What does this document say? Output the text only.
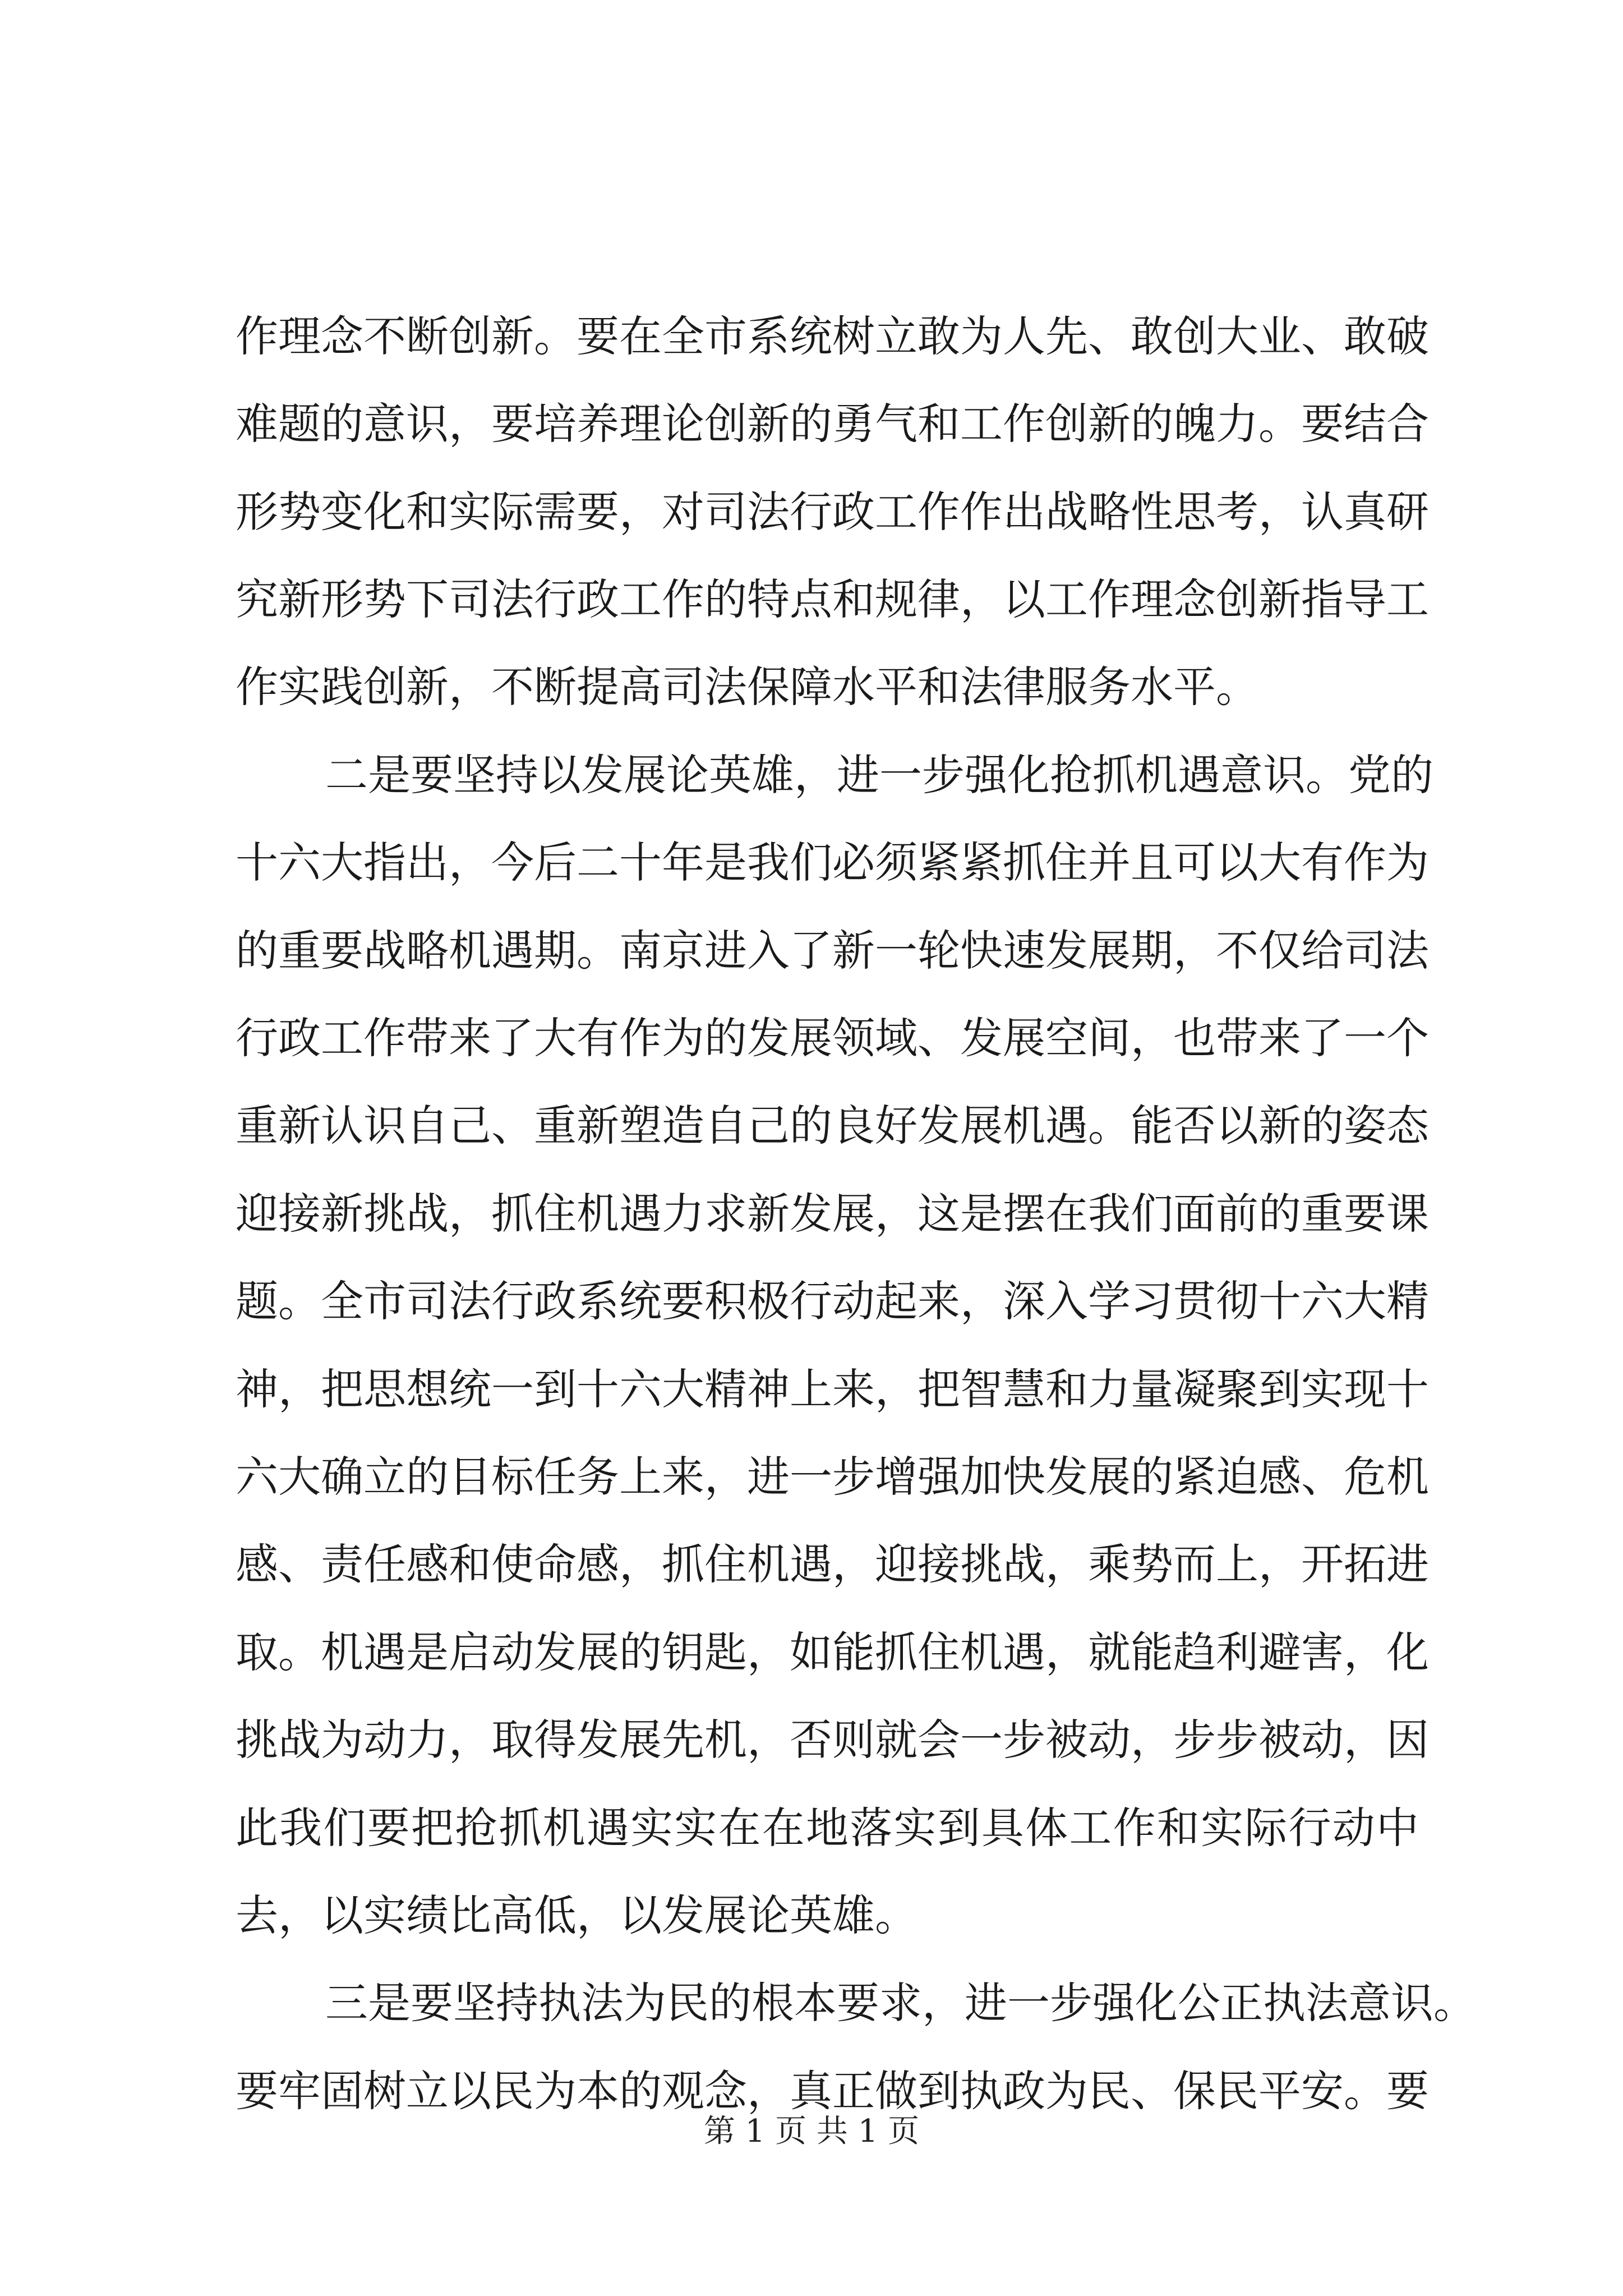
作理念不断创新。要在全市系统树立敢为人先、敢创大业、敢破
难题的意识，要培养理论创新的勇气和工作创新的魄力。要结合
形势变化和实际需要，对司法行政工作作出战略性思考，认真研
究新形势下司法行政工作的特点和规律，以工作理念创新指导工
作实践创新，不断提高司法保障水平和法律服务水平。
二是要坚持以发展论英雄，进一步强化抢抓机遇意识。党的
十六大指出，今后二十年是我们必须紧紧抓住并且可以大有作为
的重要战略机遇期。南京进入了新一轮快速发展期，不仅给司法
行政工作带来了大有作为的发展领域、发展空间，也带来了一个
重新认识自己、重新塑造自己的良好发展机遇。能否以新的姿态
迎接新挑战，抓住机遇力求新发展，这是摆在我们面前的重要课
题。全市司法行政系统要积极行动起来，深入学习贯彻十六大精
神，把思想统一到十六大精神上来，把智慧和力量凝聚到实现十
六大确立的目标任务上来，进一步增强加快发展的紧迫感、危机
感、责任感和使命感，抓住机遇，迎接挑战，乘势而上，开拓进
取。机遇是启动发展的钥匙，如能抓住机遇，就能趋利避害，化
挑战为动力，取得发展先机，否则就会一步被动，步步被动，因
此我们要把抢抓机遇实实在在地落实到具体工作和实际行动中
去，以实绩比高低，以发展论英雄。
三是要坚持执法为民的根本要求，进一步强化公正执法意识。
要牢固树立以民为本的观念，真正做到执政为民、保民平安。要
第 1 页 共 1 页
